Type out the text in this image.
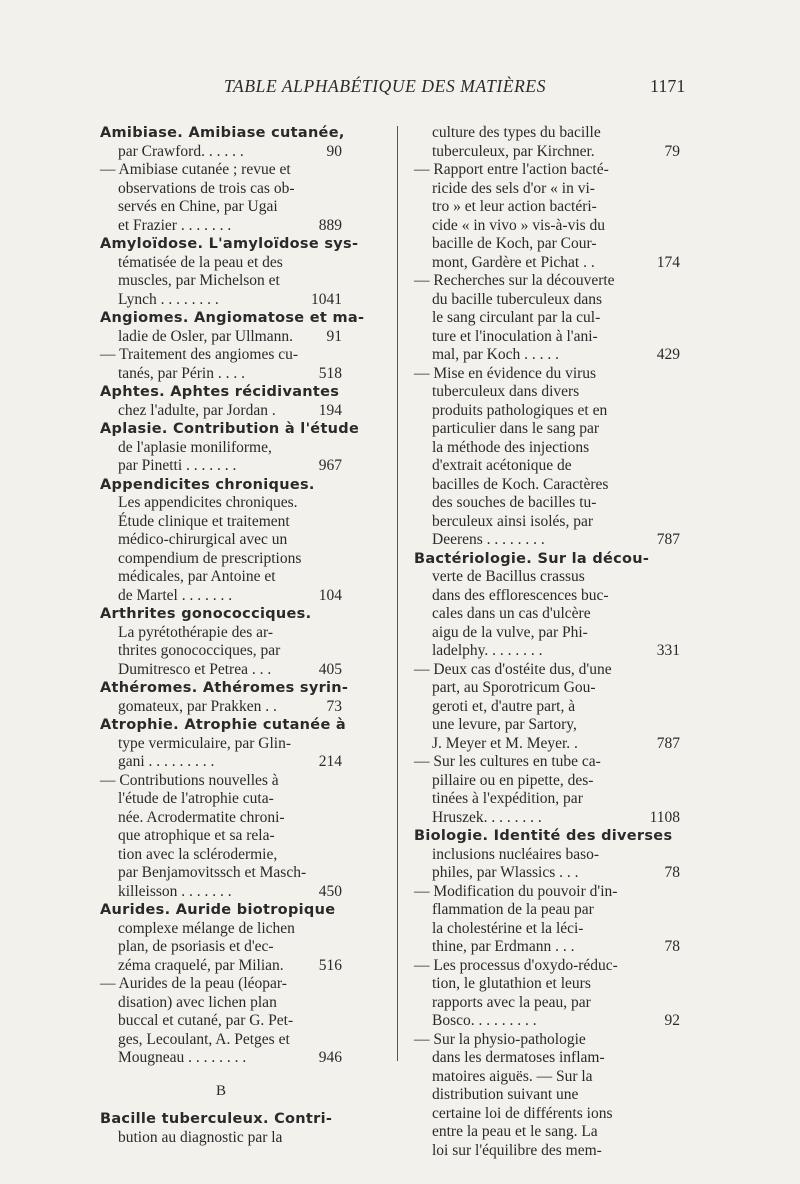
TABLE ALPHABÉTIQUE DES MATIÈRES	1171
Amibiase. Amibiase cutanée,
par Crawford. . . . . .	90
— Amibiase cutanée ; revue et
observations de trois cas ob-
servés en Chine, par Ugai
et Frazier . . . . . . .	889
Amyloïdose. L'amyloïdose sys-
tématisée de la peau et des
muscles, par Michelson et
Lynch . . . . . . . .	1041
Angiomes. Angiomatose et ma-
ladie de Osler, par Ullmann.	91
— Traitement des angiomes cu-
tanés, par Périn . . . .	518
Aphtes. Aphtes récidivantes
chez l'adulte, par Jordan .	194
Aplasie. Contribution à l'étude
de l'aplasie moniliforme,
par Pinetti . . . . . . .	967
Appendicites chroniques.
Les appendicites chroniques.
Étude clinique et traitement
médico-chirurgical avec un
compendium de prescriptions
médicales, par Antoine et
de Martel . . . . . . .	104
Arthrites gonococciques.
La pyrétothérapie des ar-
thrites gonococciques, par
Dumitresco et Petrea . . .	405
Athéromes. Athéromes syrin-
gomateux, par Prakken . .	73
Atrophie. Atrophie cutanée à
type vermiculaire, par Glin-
gani . . . . . . . . .	214
— Contributions nouvelles à
l'étude de l'atrophie cuta-
née. Acrodermatite chroni-
que atrophique et sa rela-
tion avec la sclérodermie,
par Benjamovitssch et Masch-
killeisson . . . . . . .	450
Aurides. Auride biotropique
complexe mélange de lichen
plan, de psoriasis et d'ec-
zéma craquelé, par Milian.	516
— Aurides de la peau (léopar-
disation) avec lichen plan
buccal et cutané, par G. Pet-
ges, Lecoulant, A. Petges et
Mougneau . . . . . . . .	946
B
Bacille tuberculeux. Contri-
bution au diagnostic par la
culture des types du bacille
tuberculeux, par Kirchner.	79
— Rapport entre l'action bacté-
ricide des sels d'or « in vi-
tro » et leur action bactéri-
cide « in vivo » vis-à-vis du
bacille de Koch, par Cour-
mont, Gardère et Pichat . .	174
— Recherches sur la découverte
du bacille tuberculeux dans
le sang circulant par la cul-
ture et l'inoculation à l'ani-
mal, par Koch . . . . .	429
— Mise en évidence du virus
tuberculeux dans divers
produits pathologiques et en
particulier dans le sang par
la méthode des injections
d'extrait acétonique de
bacilles de Koch. Caractères
des souches de bacilles tu-
berculeux ainsi isolés, par
Deerens . . . . . . . .	787
Bactériologie. Sur la décou-
verte de Bacillus crassus
dans des efflorescences buc-
cales dans un cas d'ulcère
aigu de la vulve, par Phi-
ladelphy. . . . . . . .	331
— Deux cas d'ostéite dus, d'une
part, au Sporotricum Gou-
geroti et, d'autre part, à
une levure, par Sartory,
J. Meyer et M. Meyer. .	787
— Sur les cultures en tube ca-
pillaire ou en pipette, des-
tinées à l'expédition, par
Hruszek. . . . . . . .	1108
Biologie. Identité des diverses
inclusions nucléaires baso-
philes, par Wlassics . . .	78
— Modification du pouvoir d'in-
flammation de la peau par
la cholestérine et la léci-
thine, par Erdmann . . .	78
— Les processus d'oxydo-réduc-
tion, le glutathion et leurs
rapports avec la peau, par
Bosco. . . . . . . . .	92
— Sur la physio-pathologie
dans les dermatoses inflam-
matoires aiguës. — Sur la
distribution suivant une
certaine loi de différents ions
entre la peau et le sang. La
loi sur l'équilibre des mem-
